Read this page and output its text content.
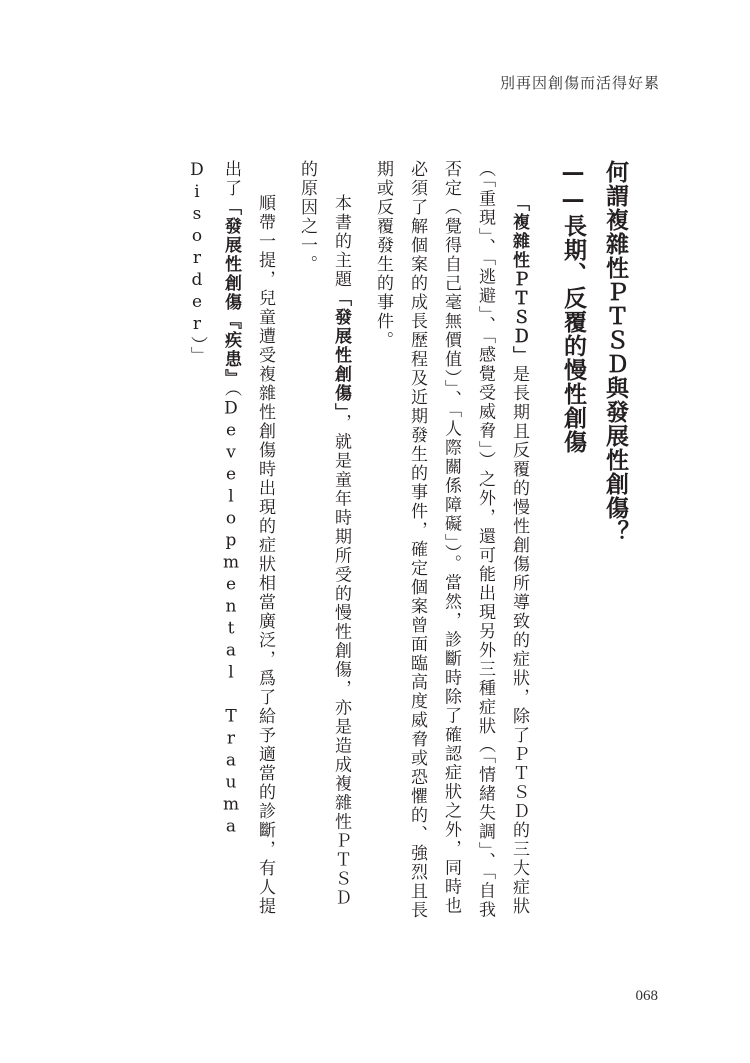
別再因創傷而活得好累
何謂複雜性ＰＴＳＤ與發展性創傷？
——長期、反覆的慢性創傷

「複雜性ＰＴＳＤ」是長期且反覆的慢性創傷所導致的症狀，除了ＰＴＳＤ的三大症狀（「重現」、「逃避」、「感覺受威脅」）之外，還可能出現另外三種症狀（「情緒失調」、「自我否定（覺得自己毫無價值）」、「人際關係障礙」）。當然，診斷時除了確認症狀之外，同時也必須了解個案的成長歷程及近期發生的事件，確定個案曾面臨高度威脅或恐懼的、強烈且長期或反覆發生的事件。

本書的主題「發展性創傷」，就是童年時期所受的慢性創傷，亦是造成複雜性ＰＴＳＤ的原因之一。

順帶一提，兒童遭受複雜性創傷時出現的症狀相當廣泛，爲了給予適當的診斷，有人提出了「發展性創傷『疾患』（Developmental Trauma Disorder）」

068
